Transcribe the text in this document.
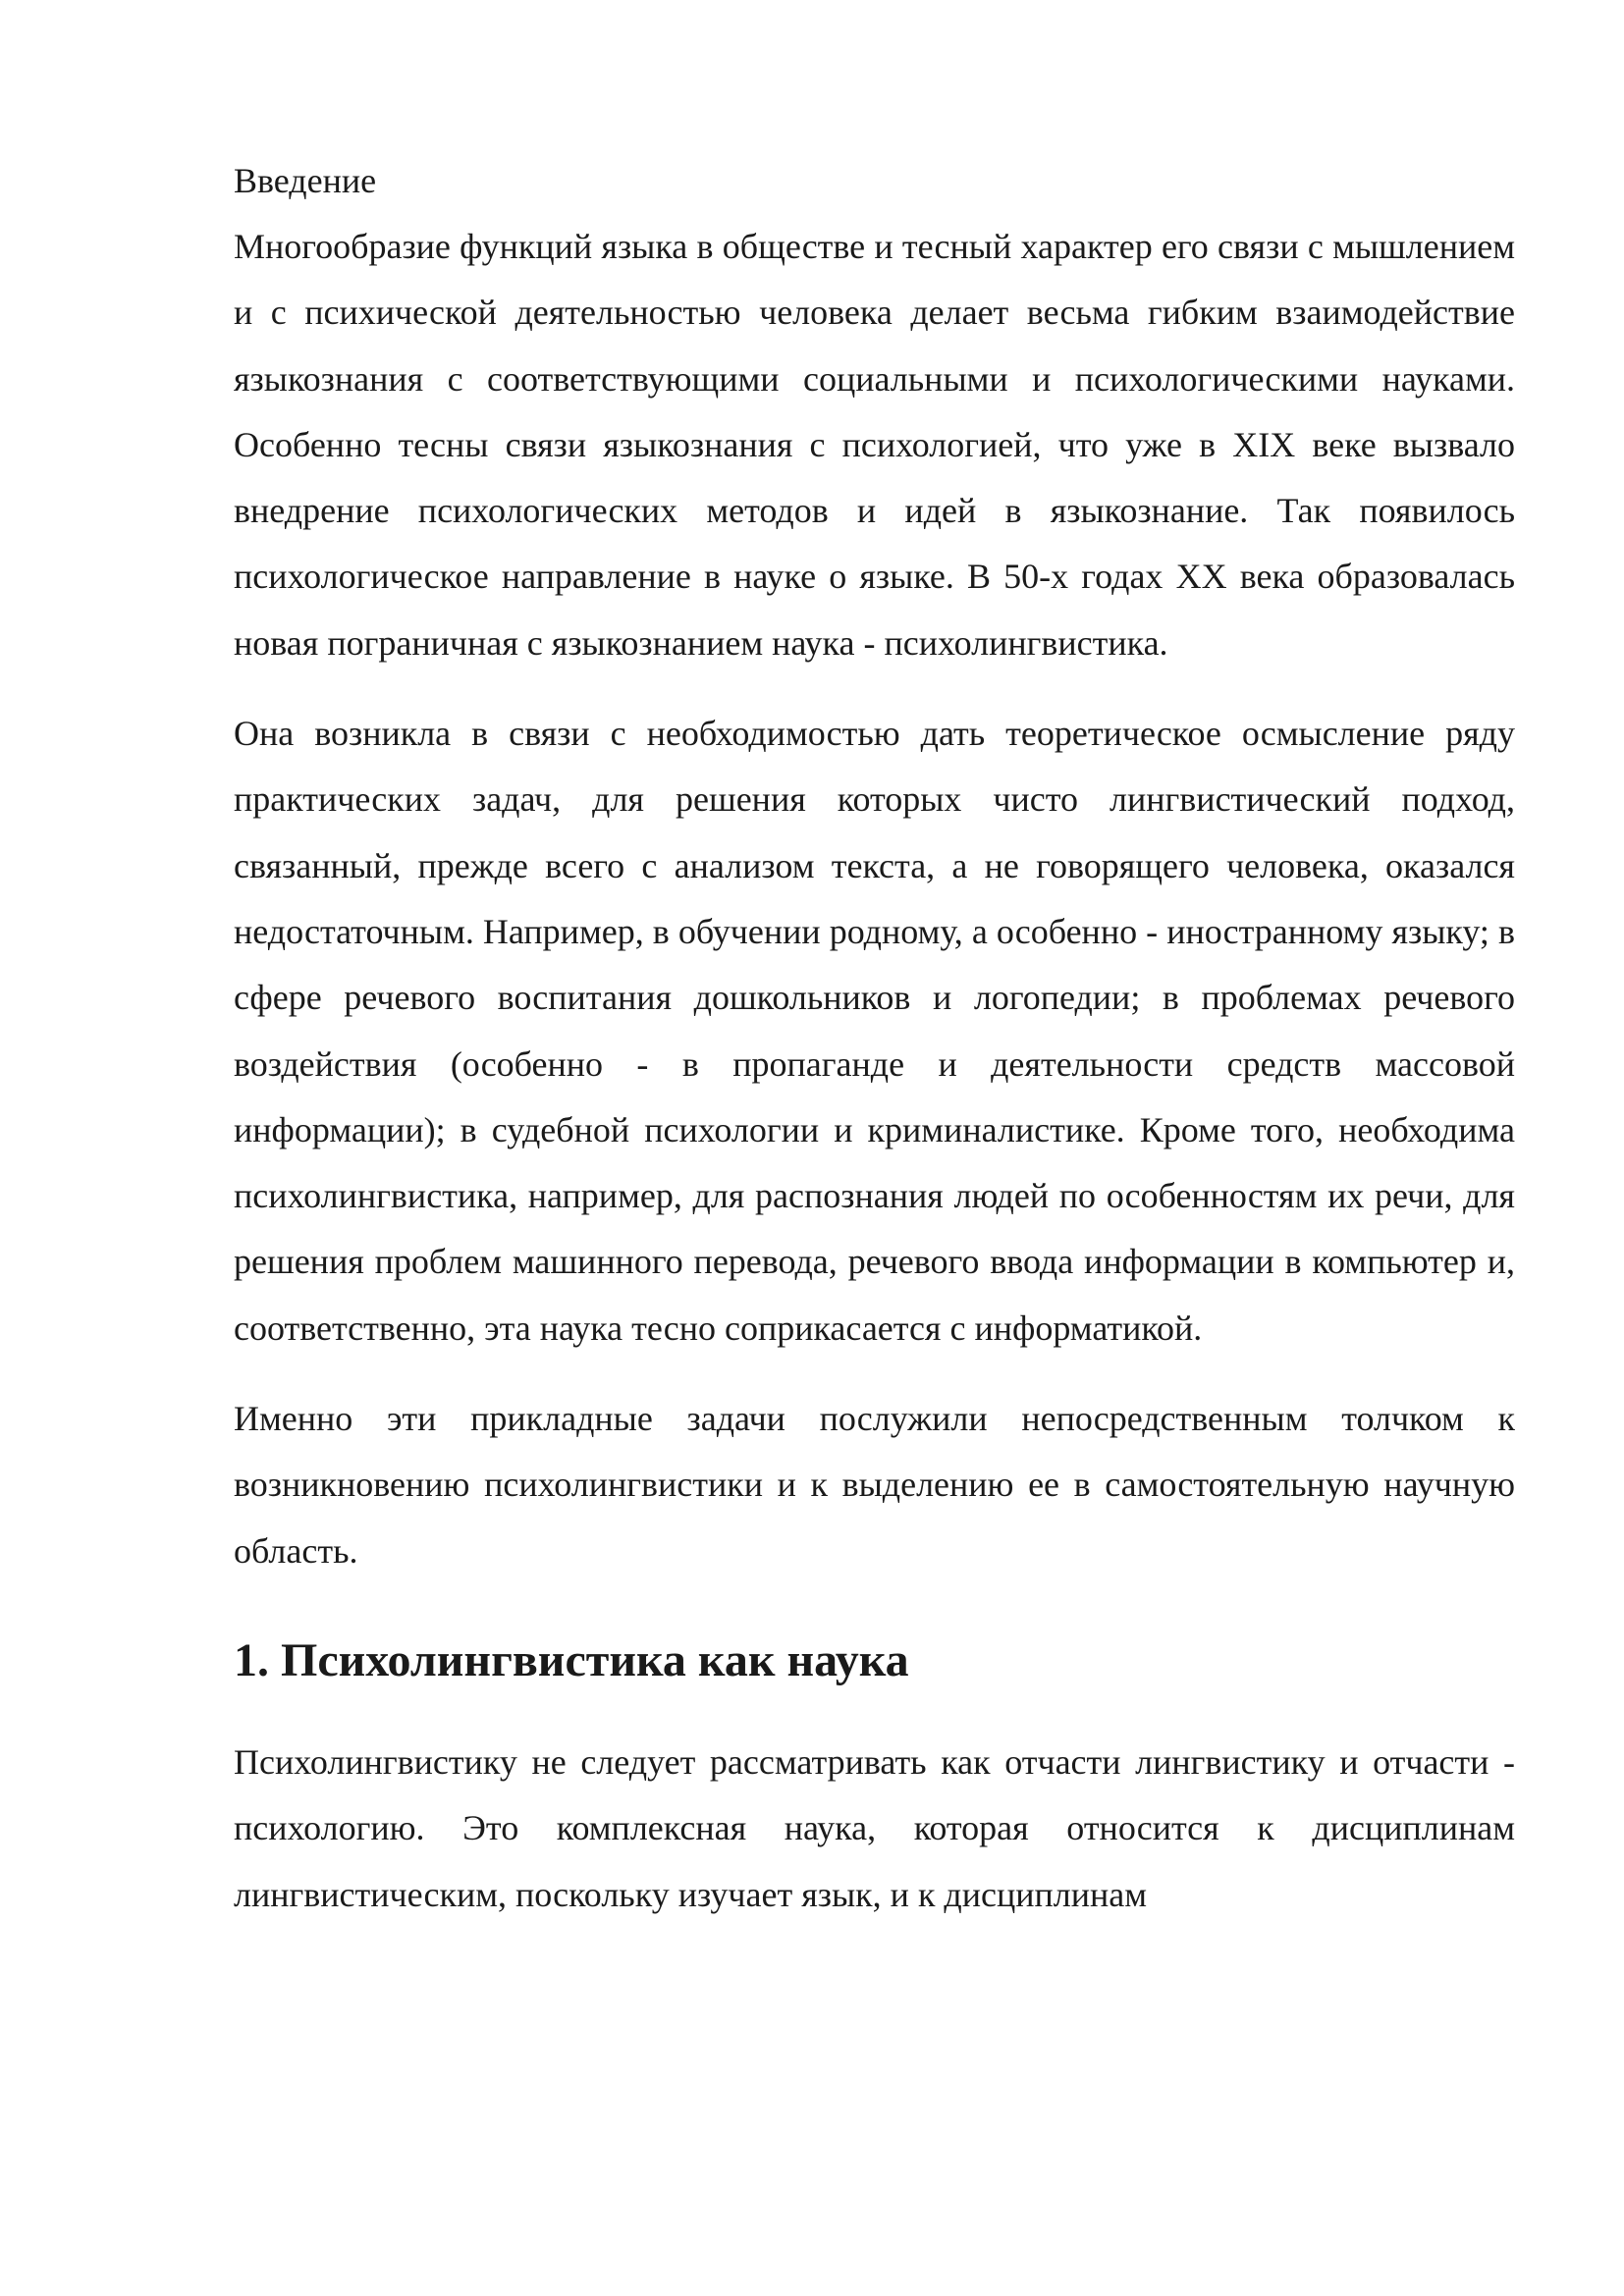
Введение

Многообразие функций языка в обществе и тесный характер его связи с мышлением и с психической деятельностью человека делает весьма гибким взаимодействие языкознания с соответствующими социальными и психологическими науками. Особенно тесны связи языкознания с психологией, что уже в XIX веке вызвало внедрение психологических методов и идей в языкознание. Так появилось психологическое направление в науке о языке. В 50-х годах XX века образовалась новая пограничная с языкознанием наука - психолингвистика.

Она возникла в связи с необходимостью дать теоретическое осмысление ряду практических задач, для решения которых чисто лингвистический подход, связанный, прежде всего с анализом текста, а не говорящего человека, оказался недостаточным. Например, в обучении родному, а особенно - иностранному языку; в сфере речевого воспитания дошкольников и логопедии; в проблемах речевого воздействия (особенно - в пропаганде и деятельности средств массовой информации); в судебной психологии и криминалистике. Кроме того, необходима психолингвистика, например, для распознания людей по особенностям их речи, для решения проблем машинного перевода, речевого ввода информации в компьютер и, соответственно, эта наука тесно соприкасается с информатикой.

Именно эти прикладные задачи послужили непосредственным толчком к возникновению психолингвистики и к выделению ее в самостоятельную научную область.

1. Психолингвистика как наука

Психолингвистику не следует рассматривать как отчасти лингвистику и отчасти - психологию. Это комплексная наука, которая относится к дисциплинам лингвистическим, поскольку изучает язык, и к дисциплинам
